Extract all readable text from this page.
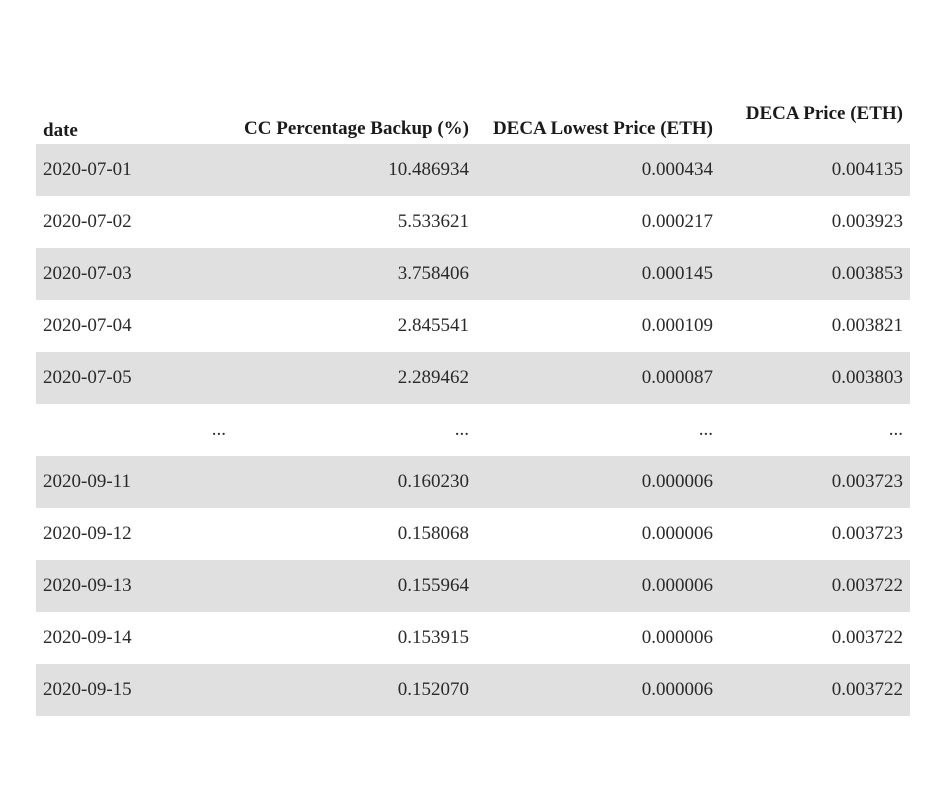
date	CC Percentage Backup (%)	DECA Lowest Price (ETH)	DECA Price (ETH)
2020-07-01	10.486934	0.000434	0.004135
2020-07-02	5.533621	0.000217	0.003923
2020-07-03	3.758406	0.000145	0.003853
2020-07-04	2.845541	0.000109	0.003821
2020-07-05	2.289462	0.000087	0.003803
...	...	...	...
2020-09-11	0.160230	0.000006	0.003723
2020-09-12	0.158068	0.000006	0.003723
2020-09-13	0.155964	0.000006	0.003722
2020-09-14	0.153915	0.000006	0.003722
2020-09-15	0.152070	0.000006	0.003722
